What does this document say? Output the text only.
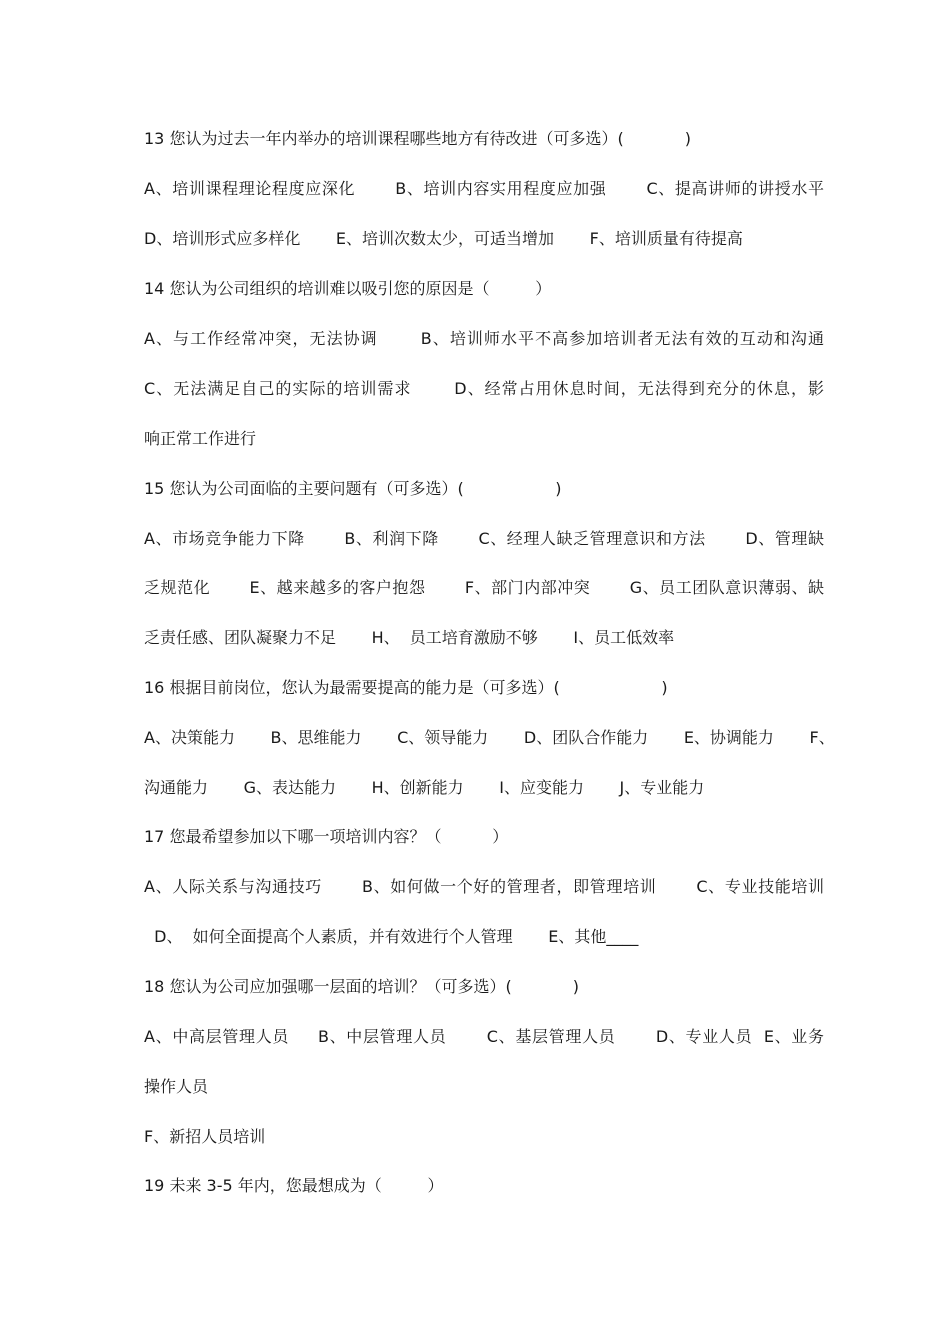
13 您认为过去一年内举办的培训课程哪些地方有待改进（可多选）(            )
A、培训课程理论程度应深化       B、培训内容实用程度应加强       C、提高讲师的讲授水平
D、培训形式应多样化       E、培训次数太少，可适当增加       F、培训质量有待提高
14 您认为公司组织的培训难以吸引您的原因是（         ）
A、与工作经常冲突，无法协调       B、培训师水平不高参加培训者无法有效的互动和沟通
C、无法满足自己的实际的培训需求       D、经常占用休息时间，无法得到充分的休息，影
响正常工作进行
15 您认为公司面临的主要问题有（可多选）(                  )
A、市场竞争能力下降       B、利润下降       C、经理人缺乏管理意识和方法       D、管理缺
乏规范化       E、越来越多的客户抱怨       F、部门内部冲突       G、员工团队意识薄弱、缺
乏责任感、团队凝聚力不足       H、  员工培育激励不够       I、员工低效率
16 根据目前岗位，您认为最需要提高的能力是（可多选）(                    )
A、决策能力       B、思维能力       C、领导能力       D、团队合作能力       E、协调能力       F、
沟通能力       G、表达能力       H、创新能力       I、应变能力       J、专业能力
17 您最希望参加以下哪一项培训内容？（          ）
A、人际关系与沟通技巧       B、如何做一个好的管理者，即管理培训       C、专业技能培训
D、  如何全面提高个人素质，并有效进行个人管理       E、其他____
18 您认为公司应加强哪一层面的培训？（可多选）(            )
A、中高层管理人员     B、中层管理人员       C、基层管理人员       D、专业人员  E、业务
操作人员
F、新招人员培训
19 未来 3-5 年内，您最想成为（         ）
